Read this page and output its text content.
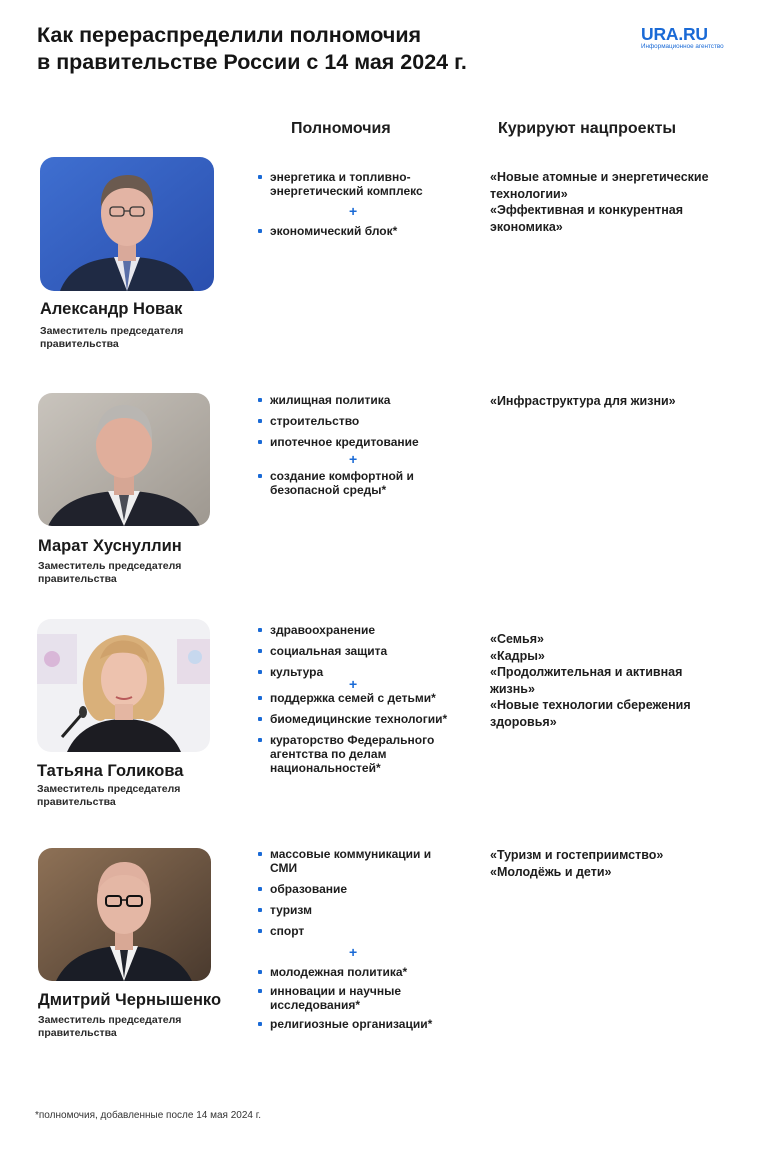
Как перераспределили полномочия
в правительстве России с 14 мая 2024 г.
URA.RU
Информационное агентство
Полномочия	Курируют нацпроекты
Александр Новак
Заместитель председателя правительства
энергетика и топливно-энергетический комплекс
+
экономический блок*
«Новые атомные и энергетические технологии»
«Эффективная и конкурентная экономика»
Марат Хуснуллин
Заместитель председателя правительства
жилищная политика
строительство
ипотечное кредитование
+
создание комфортной и безопасной среды*
«Инфраструктура для жизни»
Татьяна Голикова
Заместитель председателя правительства
здравоохранение
социальная защита
культура
+
поддержка семей с детьми*
биомедицинские технологии*
кураторство Федерального агентства по делам национальностей*
«Семья»
«Кадры»
«Продолжительная и активная жизнь»
«Новые технологии сбережения здоровья»
Дмитрий Чернышенко
Заместитель председателя правительства
массовые коммуникации и СМИ
образование
туризм
спорт
+
молодежная политика*
инновации и научные исследования*
религиозные организации*
«Туризм и гостеприимство»
«Молодёжь и дети»
*полномочия, добавленные после 14 мая 2024 г.
